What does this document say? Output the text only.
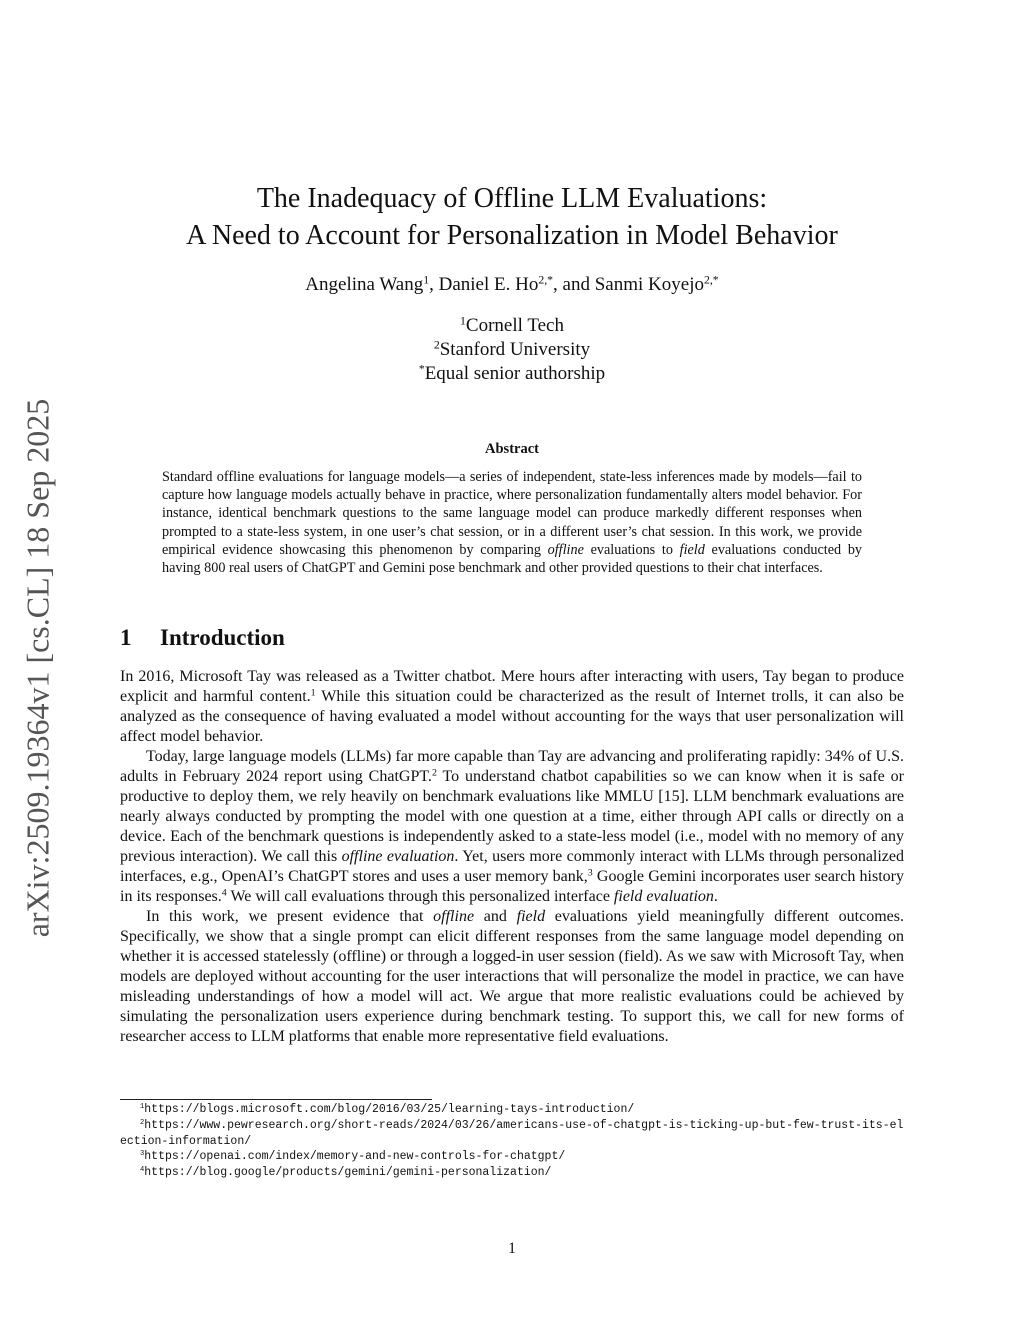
arXiv:2509.19364v1 [cs.CL] 18 Sep 2025
The Inadequacy of Offline LLM Evaluations:
A Need to Account for Personalization in Model Behavior
Angelina Wang$^1$, Daniel E. $Ho^{2,*}$, and Sanmi Koyejo$^{2,*}$
$^1$Cornell Tech
$^2$Stanford University
*Equal senior authorship
Abstract
Standard offline evaluations for language models—a series of independent, state-less inferences made by models—fail to capture how language models actually behave in practice, where personalization fundamentally alters model behavior. For instance, identical benchmark questions to the same language model can produce markedly different responses when prompted to a state-less system, in one user’s chat session, or in a different user’s chat session. In this work, we provide empirical evidence showcasing this phenomenon by comparing offline evaluations to field evaluations conducted by having 800 real users of ChatGPT and Gemini pose benchmark and other provided questions to their chat interfaces.
1 Introduction

In 2016, Microsoft Tay was released as a Twitter chatbot. Mere hours after interacting with users, Tay began to produce explicit and harmful content.$^1$ While this situation could be characterized as the result of Internet trolls, it can also be analyzed as the consequence of having evaluated a model without accounting for the ways that user personalization will affect model behavior.

Today, large language models (LLMs) far more capable than Tay are advancing and proliferating rapidly: 34% of U.S. adults in February 2024 report using ChatGPT.$^2$ To understand chatbot capabilities so we can know when it is safe or productive to deploy them, we rely heavily on benchmark evaluations like MMLU [15]. LLM benchmark evaluations are nearly always conducted by prompting the model with one question at a time, either through API calls or directly on a device. Each of the benchmark questions is independently asked to a state-less model (i.e., model with no memory of any previous interaction). We call this offline evaluation. Yet, users more commonly interact with LLMs through personalized interfaces, e.g., OpenAI’s ChatGPT stores and uses a user memory bank,$^3$ Google Gemini incorporates user search history in its responses.$^4$ We will call evaluations through this personalized interface field evaluation.

In this work, we present evidence that offline and field evaluations yield meaningfully different outcomes. Specifically, we show that a single prompt can elicit different responses from the same language model depending on whether it is accessed statelessly (offline) or through a logged-in user session (field). As we saw with Microsoft Tay, when models are deployed without accounting for the user interactions that will personalize the model in practice, we can have misleading understandings of how a model will act. We argue that more realistic evaluations could be achieved by simulating the personalization users experience during benchmark testing. To support this, we call for new forms of researcher access to LLM platforms that enable more representative field evaluations.

$^1$https://blogs.microsoft.com/blog/2016/03/25/learning-tays-introduction/
$^2$https://www.pewresearch.org/short-reads/2024/03/26/americans-use-of-chatgpt-is-ticking-up-but-few-trust-its-election-information/
$^3$https://openai.com/index/memory-and-new-controls-for-chatgpt/
$^4$https://blog.google/products/gemini/gemini-personalization/
1
